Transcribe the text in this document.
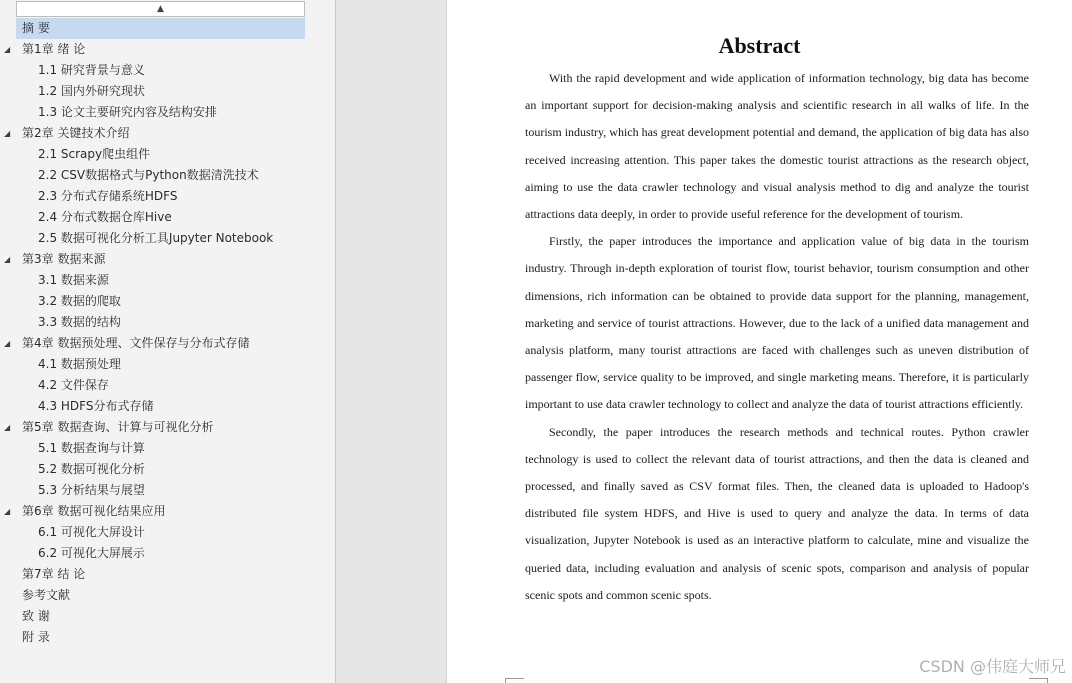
▲
摘 要
◢ 第1章 绪 论
1.1 研究背景与意义
1.2 国内外研究现状
1.3 论文主要研究内容及结构安排
◢ 第2章 关键技术介绍
2.1 Scrapy爬虫组件
2.2 CSV数据格式与Python数据清洗技术
2.3 分布式存储系统HDFS
2.4 分布式数据仓库Hive
2.5 数据可视化分析工具Jupyter Notebook
◢ 第3章 数据来源
3.1 数据来源
3.2 数据的爬取
3.3 数据的结构
◢ 第4章 数据预处理、文件保存与分布式存储
4.1 数据预处理
4.2 文件保存
4.3 HDFS分布式存储
◢ 第5章 数据查询、计算与可视化分析
5.1 数据查询与计算
5.2 数据可视化分析
5.3 分析结果与展望
◢ 第6章 数据可视化结果应用
6.1 可视化大屏设计
6.2 可视化大屏展示
第7章 结 论
参考文献
致 谢
附 录
Abstract

With the rapid development and wide application of information technology, big data has become an important support for decision-making analysis and scientific research in all walks of life. In the tourism industry, which has great development potential and demand, the application of big data has also received increasing attention. This paper takes the domestic tourist attractions as the research object, aiming to use the data crawler technology and visual analysis method to dig and analyze the tourist attractions data deeply, in order to provide useful reference for the development of tourism.

Firstly, the paper introduces the importance and application value of big data in the tourism industry. Through in-depth exploration of tourist flow, tourist behavior, tourism consumption and other dimensions, rich information can be obtained to provide data support for the planning, management, marketing and service of tourist attractions. However, due to the lack of a unified data management and analysis platform, many tourist attractions are faced with challenges such as uneven distribution of passenger flow, service quality to be improved, and single marketing means. Therefore, it is particularly important to use data crawler technology to collect and analyze the data of tourist attractions efficiently.

Secondly, the paper introduces the research methods and technical routes. Python crawler technology is used to collect the relevant data of tourist attractions, and then the data is cleaned and processed, and finally saved as CSV format files. Then, the cleaned data is uploaded to Hadoop's distributed file system HDFS, and Hive is used to query and analyze the data. In terms of data visualization, Jupyter Notebook is used as an interactive platform to calculate, mine and visualize the queried data, including evaluation and analysis of scenic spots, comparison and analysis of popular scenic spots and common scenic spots.

CSDN @伟庭大师兄
